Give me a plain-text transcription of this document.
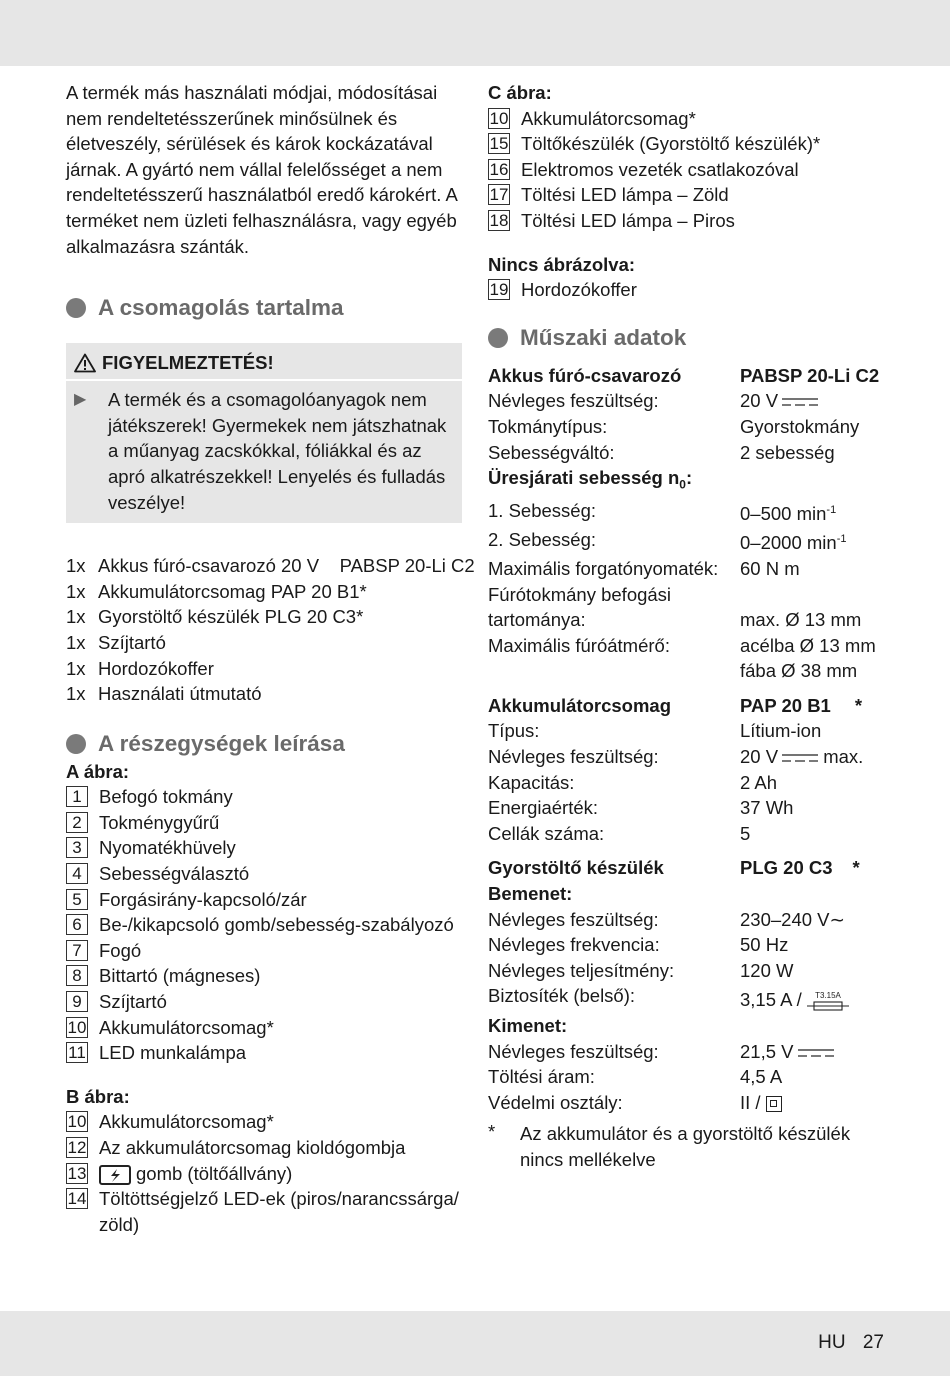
A termék más használati módjai, módosításai nem rendeltetésszerűnek minősülnek és életveszély, sérülések és károk kockázatával járnak. A gyártó nem vállal felelősséget a nem rendeltetésszerű használatból eredő károkért. A terméket nem üzleti felhasználásra, vagy egyéb alkalmazásra szánták.

A csomagolás tartalma
FIGYELMEZTETÉS!
▶	A termék és a csomagolóanyagok nem játékszerek! Gyermekek nem játszhatnak a műanyag zacskókkal, fóliákkal és az apró alkatrészekkel! Lenyelés és fulladás veszélye!

1x Akkus fúró-csavarozó 20 V    PABSP 20-Li C2
1x Akkumulátorcsomag PAP 20 B1*
1x Gyorstöltő készülék PLG 20 C3*
1x Szíjtartó
1x Hordozókoffer
1x Használati útmutató
A részegységek leírása
A ábra:
1 Befogó tokmány
2 Tokménygyűrű
3 Nyomatékhüvely
4 Sebességválasztó
5 Forgásirány-kapcsoló/zár
6 Be-/kikapcsoló gomb/sebesség-szabályozó
7 Fogó
8 Bittartó (mágneses)
9 Szíjtartó
10 Akkumulátorcsomag*
11 LED munkalámpa
B ábra:
10 Akkumulátorcsomag*
12 Az akkumulátorcsomag kioldógombja
13	gomb (töltőállvány)
14 Töltöttségjelző LED-ek (piros/narancssárga/ zöld)
C ábra:
10 Akkumulátorcsomag*
15 Töltőkészülék (Gyorstöltő készülék)*
16 Elektromos vezeték csatlakozóval
17 Töltési LED lámpa – Zöld
18 Töltési LED lámpa – Piros
Nincs ábrázolva:
19 Hordozókoffer
Műszaki adatok
Akkus fúró-csavarozó	PABSP 20-Li C2
Névleges feszültség:	20 V
Tokmánytípus:	Gyorstokmány
Sebességváltó:	2 sebesség
Üresjárati sebesség $n_0$:	
1. Sebesség:	0–500 $\min^{-1}$
2. Sebesség:	0–2000 $\min^{-1}$
Maximális forgatónyomaték:	60 N m
Fúrótokmány befogási	
tartománya:	max. Ø 13 mm
Maximális fúróátmérő:	acélba Ø 13 mm
	fába Ø 38 mm
Akkumulátorcsomag	PAP 20 B1 *
Típus:	Lítium-ion
Névleges feszültség:	20 V max.
Kapacitás:	2 Ah
Energiaérték:	37 Wh
Cellák száma:	5
Gyorstöltő készülék	PLG 20 C3 *
Bemenet:	
Névleges feszültség:	230–240 V∼
Névleges frekvencia:	50 Hz
Névleges teljesítmény:	120 W
Biztosíték (belső):	3,15 A / T3.15A

Kimenet:	
Névleges feszültség:	21,5 V
Töltési áram:	4,5 A
Védelmi osztály:	II /
*	Az akkumulátor és a gyorstöltő készülék nincs mellékelve

HU 27
